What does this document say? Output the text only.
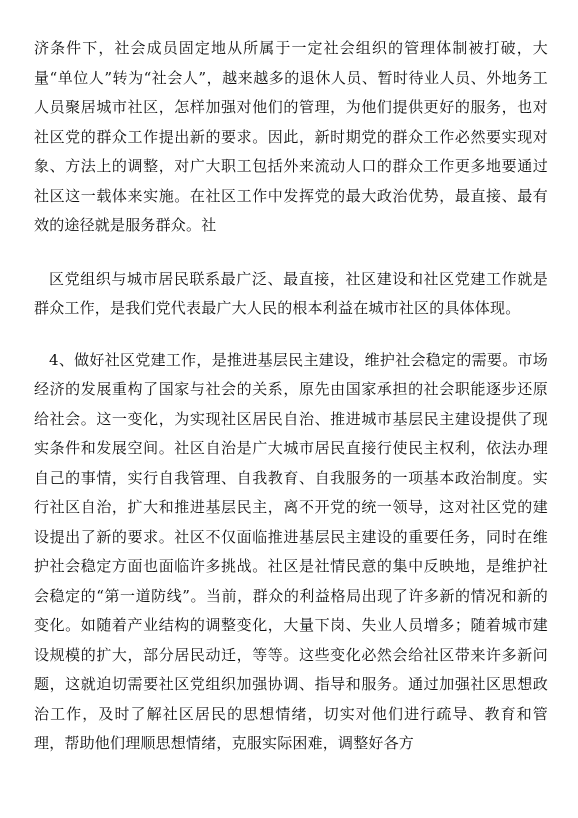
济条件下，社会成员固定地从所属于一定社会组织的管理体制被打破，大量“单位人”转为“社会人”，越来越多的退休人员、暂时待业人员、外地务工人员聚居城市社区，怎样加强对他们的管理，为他们提供更好的服务，也对社区党的群众工作提出新的要求。因此，新时期党的群众工作必然要实现对象、方法上的调整，对广大职工包括外来流动人口的群众工作更多地要通过社区这一载体来实施。在社区工作中发挥党的最大政治优势，最直接、最有效的途径就是服务群众。社

区党组织与城市居民联系最广泛、最直接，社区建设和社区党建工作就是群众工作，是我们党代表最广大人民的根本利益在城市社区的具体体现。

4、做好社区党建工作，是推进基层民主建设，维护社会稳定的需要。市场经济的发展重构了国家与社会的关系，原先由国家承担的社会职能逐步还原给社会。这一变化，为实现社区居民自治、推进城市基层民主建设提供了现实条件和发展空间。社区自治是广大城市居民直接行使民主权利，依法办理自己的事情，实行自我管理、自我教育、自我服务的一项基本政治制度。实行社区自治，扩大和推进基层民主，离不开党的统一领导，这对社区党的建设提出了新的要求。社区不仅面临推进基层民主建设的重要任务，同时在维护社会稳定方面也面临许多挑战。社区是社情民意的集中反映地，是维护社会稳定的“第一道防线”。当前，群众的利益格局出现了许多新的情况和新的变化。如随着产业结构的调整变化，大量下岗、失业人员增多；随着城市建设规模的扩大，部分居民动迁，等等。这些变化必然会给社区带来许多新问题，这就迫切需要社区党组织加强协调、指导和服务。通过加强社区思想政治工作，及时了解社区居民的思想情绪，切实对他们进行疏导、教育和管理，帮助他们理顺思想情绪，克服实际困难，调整好各方
